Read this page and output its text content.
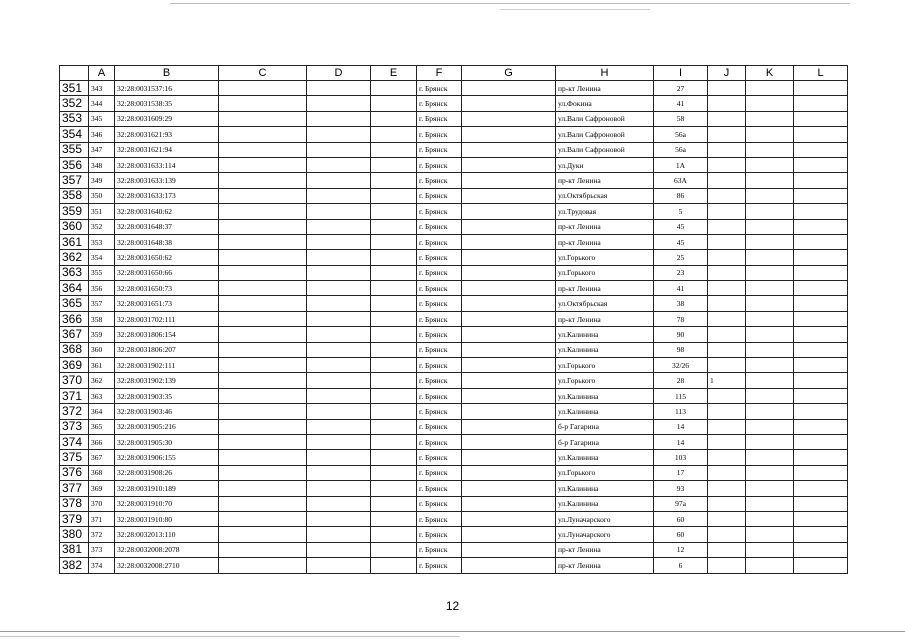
	A	B	C	D	E	F	G	H	I	J	K	L
351	343	32:28:0031537:16				г. Брянск		пр-кт Ленина	27			
352	344	32:28:0031538:35				г. Брянск		ул.Фокина	41			
353	345	32:28:0031609:29				г. Брянск		ул.Вали Сафроновой	58			
354	346	32:28:0031621:93				г. Брянск		ул.Вали Сафроновой	56а			
355	347	32:28:0031621:94				г. Брянск		ул.Вали Сафроновой	56а			
356	348	32:28:0031633:114				г. Брянск		ул.Дуки	1А			
357	349	32:28:0031633:139				г. Брянск		пр-кт Ленина	63А			
358	350	32:28:0031633:173				г. Брянск		ул.Октябрьская	86			
359	351	32:28:0031640:62				г. Брянск		ул.Трудовая	5			
360	352	32:28:0031648:37				г. Брянск		пр-кт Ленина	45			
361	353	32:28:0031648:38				г. Брянск		пр-кт Ленина	45			
362	354	32:28:0031650:62				г. Брянск		ул.Горького	25			
363	355	32:28:0031650:66				г. Брянск		ул.Горького	23			
364	356	32:28:0031650:73				г. Брянск		пр-кт Ленина	41			
365	357	32:28:0031651:73				г. Брянск		ул.Октябрьская	38			
366	358	32:28:0031702:111				г. Брянск		пр-кт Ленина	78			
367	359	32:28:0031806:154				г. Брянск		ул.Калинина	90			
368	360	32:28:0031806:207				г. Брянск		ул.Калинина	98			
369	361	32:28:0031902:111				г. Брянск		ул.Горького	32/26			
370	362	32:28:0031902:139				г. Брянск		ул.Горького	28	1		
371	363	32:28:0031903:35				г. Брянск		ул.Калинина	115			
372	364	32:28:0031903:46				г. Брянск		ул.Калинина	113			
373	365	32:28:0031905:216				г. Брянск		б-р Гагарина	14			
374	366	32:28:0031905:30				г. Брянск		б-р Гагарина	14			
375	367	32:28:0031906:155				г. Брянск		ул.Калинина	103			
376	368	32:28:0031908:26				г. Брянск		ул.Горького	17			
377	369	32:28:0031910:189				г. Брянск		ул.Калинина	93			
378	370	32:28:0031910:70				г. Брянск		ул.Калинина	97а			
379	371	32:28:0031910:80				г. Брянск		ул.Луначарского	60			
380	372	32:28:0032013:110				г. Брянск		ул.Луначарского	60			
381	373	32:28:0032008:2078				г. Брянск		пр-кт Ленина	12			
382	374	32:28:0032008:2710				г. Брянск		пр-кт Ленина	6			
12
